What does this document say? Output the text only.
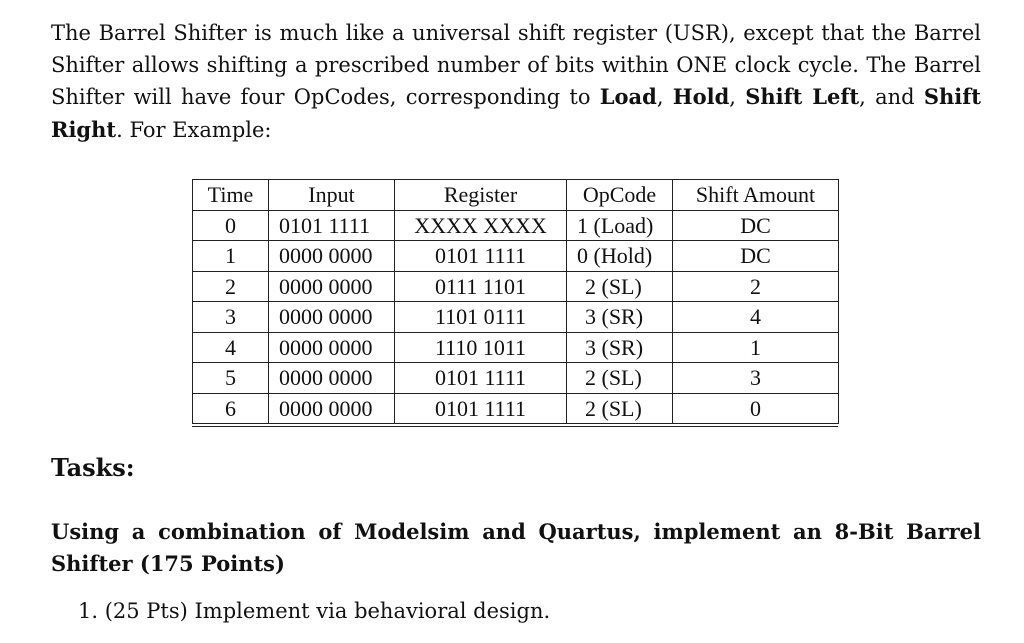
The Barrel Shifter is much like a universal shift register (USR), except that the Barrel Shifter allows shifting a prescribed number of bits within ONE clock cycle. The Barrel Shifter will have four OpCodes, corresponding to Load, Hold, Shift Left, and Shift Right. For Example:

Time	Input	Register	OpCode	Shift Amount
0	0101 1111	XXXX XXXX	1 (Load)	DC
1	0000 0000	0101 1111	0 (Hold)	DC
2	0000 0000	0111 1101	2 (SL)	2
3	0000 0000	1101 0111	3 (SR)	4
4	0000 0000	1110 1011	3 (SR)	1
5	0000 0000	0101 1111	2 (SL)	3
6	0000 0000	0101 1111	2 (SL)	0
Tasks:

Using a combination of Modelsim and Quartus, implement an 8-Bit Barrel Shifter (175 Points)

1. (25 Pts) Implement via behavioral design.
